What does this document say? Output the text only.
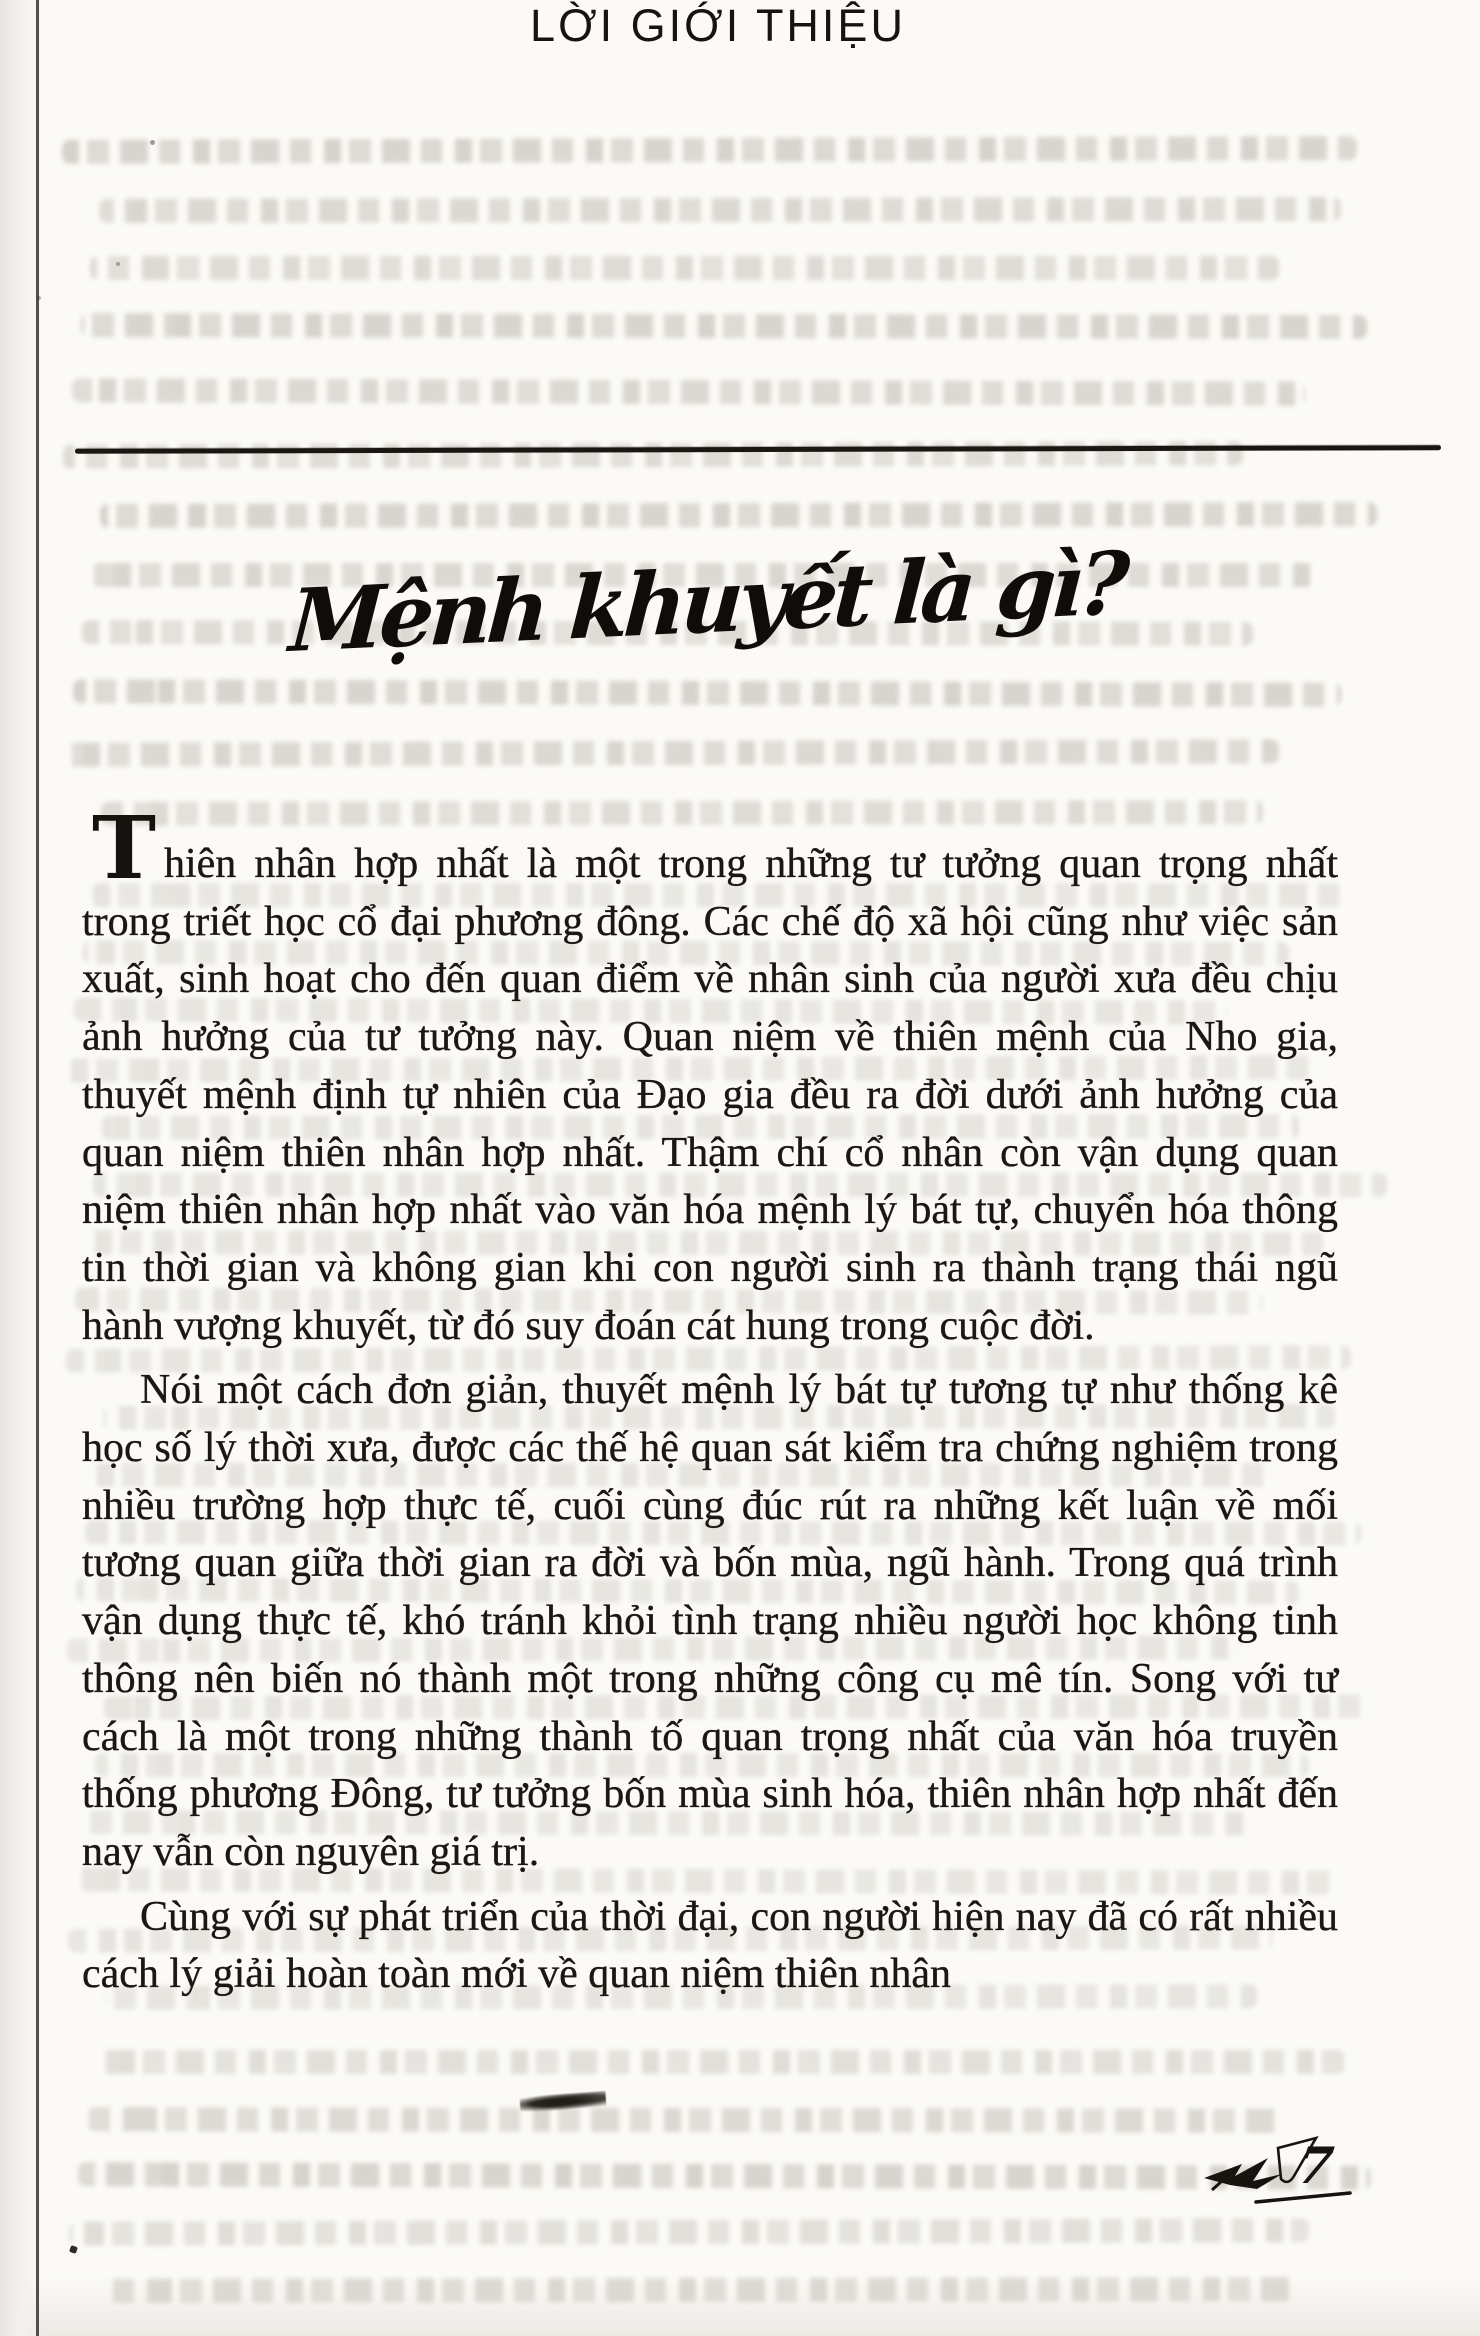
LỜI GIỚI THIỆU
Mệnh khuyết là gì?

Thiên nhân hợp nhất là một trong những tư tưởng quan trọng nhất trong triết học cổ đại phương đông. Các chế độ xã hội cũng như việc sản xuất, sinh hoạt cho đến quan điểm về nhân sinh của người xưa đều chịu ảnh hưởng của tư tưởng này. Quan niệm về thiên mệnh của Nho gia, thuyết mệnh định tự nhiên của Đạo gia đều ra đời dưới ảnh hưởng của quan niệm thiên nhân hợp nhất. Thậm chí cổ nhân còn vận dụng quan niệm thiên nhân hợp nhất vào văn hóa mệnh lý bát tự, chuyển hóa thông tin thời gian và không gian khi con người sinh ra thành trạng thái ngũ hành vượng khuyết, từ đó suy đoán cát hung trong cuộc đời.

Nói một cách đơn giản, thuyết mệnh lý bát tự tương tự như thống kê học số lý thời xưa, được các thế hệ quan sát kiểm tra chứng nghiệm trong nhiều trường hợp thực tế, cuối cùng đúc rút ra những kết luận về mối tương quan giữa thời gian ra đời và bốn mùa, ngũ hành. Trong quá trình vận dụng thực tế, khó tránh khỏi tình trạng nhiều người học không tinh thông nên biến nó thành một trong những công cụ mê tín. Song với tư cách là một trong những thành tố quan trọng nhất của văn hóa truyền thống phương Đông, tư tưởng bốn mùa sinh hóa, thiên nhân hợp nhất đến nay vẫn còn nguyên giá trị.

Cùng với sự phát triển của thời đại, con người hiện nay đã có rất nhiều cách lý giải hoàn toàn mới về quan niệm thiên nhân

7
